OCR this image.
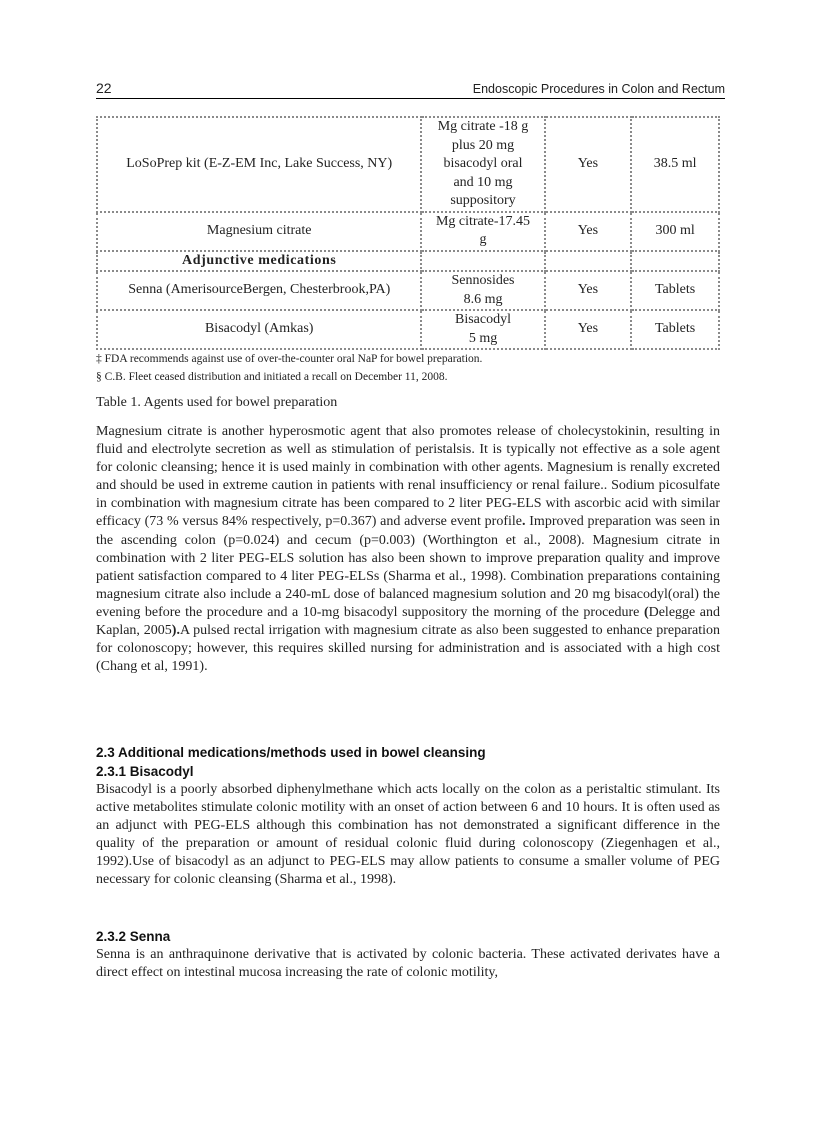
22	Endoscopic Procedures in Colon and Rectum
LoSoPrep kit (E-Z-EM Inc, Lake Success, NY)	Mg citrate -18 g
plus 20 mg
bisacodyl oral
and 10 mg
suppository	Yes	38.5 ml
Magnesium citrate	Mg citrate-17.45
g	Yes	300 ml
Adjunctive medications			
Senna (AmerisourceBergen, Chesterbrook,PA)	Sennosides
8.6 mg	Yes	Tablets
Bisacodyl (Amkas)	Bisacodyl
5 mg	Yes	Tablets
‡ FDA recommends against use of over-the-counter oral NaP for bowel preparation.
§ C.B. Fleet ceased distribution and initiated a recall on December 11, 2008.
Table 1. Agents used for bowel preparation

Magnesium citrate is another hyperosmotic agent that also promotes release of cholecystokinin, resulting in fluid and electrolyte secretion as well as stimulation of peristalsis. It is typically not effective as a sole agent for colonic cleansing; hence it is used mainly in combination with other agents. Magnesium is renally excreted and should be used in extreme caution in patients with renal insufficiency or renal failure.. Sodium picosulfate in combination with magnesium citrate has been compared to 2 liter PEG-ELS with ascorbic acid with similar efficacy (73 % versus 84% respectively, p=0.367) and adverse event profile. Improved preparation was seen in the ascending colon (p=0.024) and cecum (p=0.003) (Worthington et al., 2008). Magnesium citrate in combination with 2 liter PEG-ELS solution has also been shown to improve preparation quality and improve patient satisfaction compared to 4 liter PEG-ELSs (Sharma et al., 1998). Combination preparations containing magnesium citrate also include a 240-mL dose of balanced magnesium solution and 20 mg bisacodyl(oral) the evening before the procedure and a 10-mg bisacodyl suppository the morning of the procedure (Delegge and Kaplan, 2005).A pulsed rectal irrigation with magnesium citrate as also been suggested to enhance preparation for colonoscopy; however, this requires skilled nursing for administration and is associated with a high cost (Chang et al, 1991).

2.3 Additional medications/methods used in bowel cleansing
2.3.1 Bisacodyl

Bisacodyl is a poorly absorbed diphenylmethane which acts locally on the colon as a peristaltic stimulant. Its active metabolites stimulate colonic motility with an onset of action between 6 and 10 hours. It is often used as an adjunct with PEG-ELS although this combination has not demonstrated a significant difference in the quality of the preparation or amount of residual colonic fluid during colonoscopy (Ziegenhagen et al., 1992).Use of bisacodyl as an adjunct to PEG-ELS may allow patients to consume a smaller volume of PEG necessary for colonic cleansing (Sharma et al., 1998).

2.3.2 Senna

Senna is an anthraquinone derivative that is activated by colonic bacteria. These activated derivates have a direct effect on intestinal mucosa increasing the rate of colonic motility,
